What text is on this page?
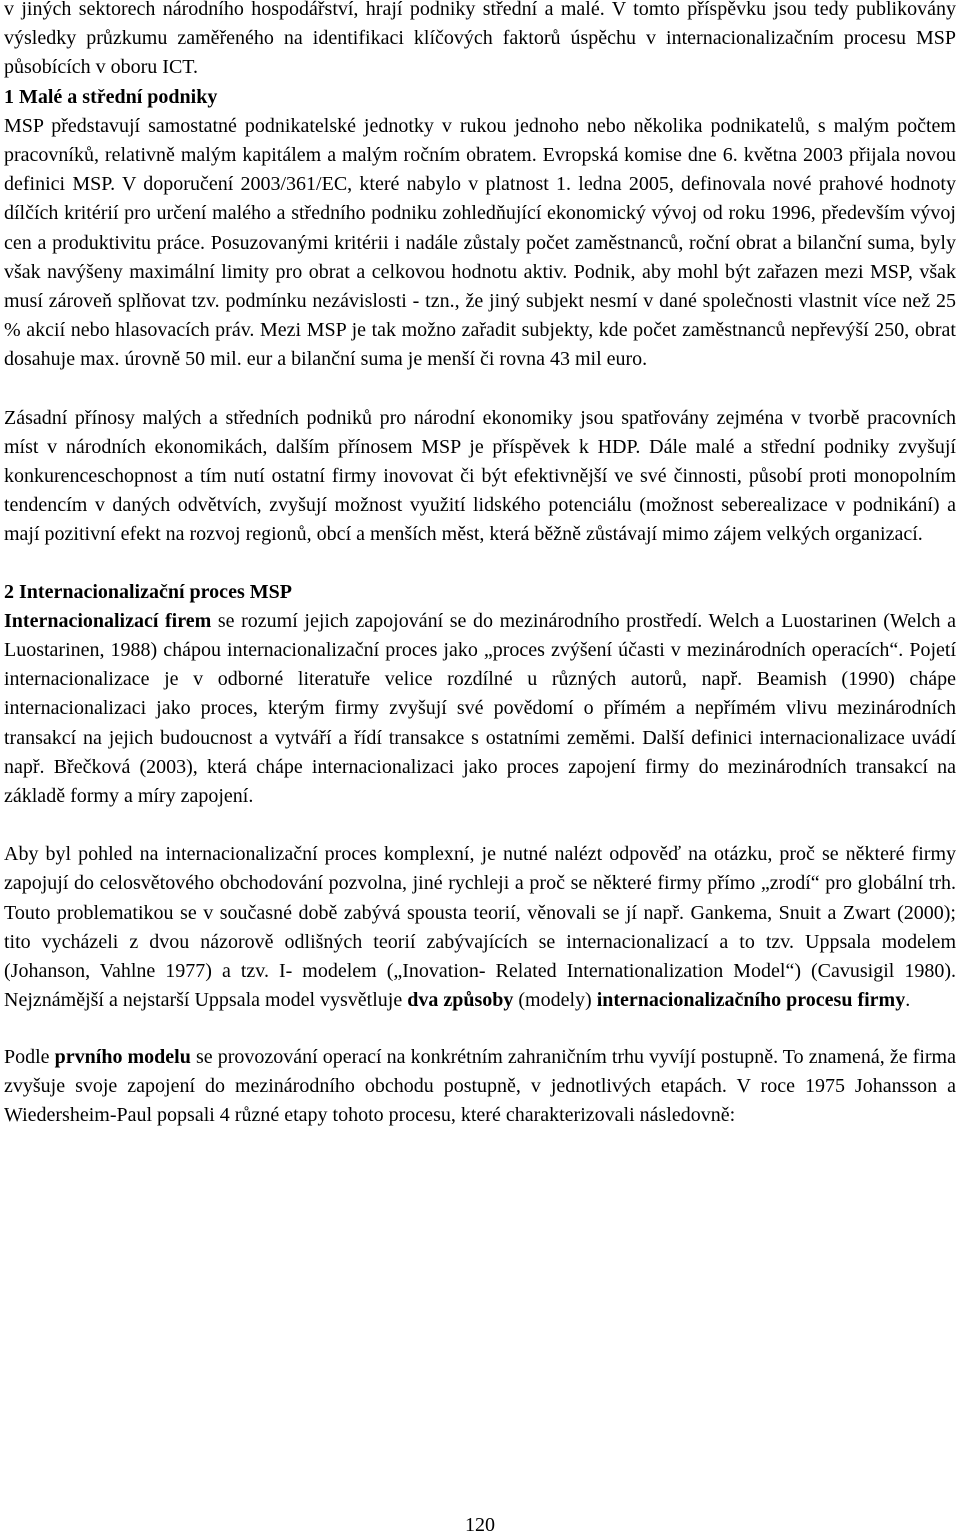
v jiných sektorech národního hospodářství, hrají podniky střední a malé. V tomto příspěvku jsou tedy publikovány výsledky průzkumu zaměřeného na identifikaci klíčových faktorů úspěchu v internacionalizačním procesu MSP působících v oboru ICT.

1 Malé a střední podniky

MSP představují samostatné podnikatelské jednotky v rukou jednoho nebo několika podnikatelů, s malým počtem pracovníků, relativně malým kapitálem a malým ročním obratem. Evropská komise dne 6. května 2003 přijala novou definici MSP. V doporučení 2003/361/EC, které nabylo v platnost 1. ledna 2005, definovala nové prahové hodnoty dílčích kritérií pro určení malého a středního podniku zohledňující ekonomický vývoj od roku 1996, především vývoj cen a produktivitu práce. Posuzovanými kritérii i nadále zůstaly počet zaměstnanců, roční obrat a bilanční suma, byly však navýšeny maximální limity pro obrat a celkovou hodnotu aktiv. Podnik, aby mohl být zařazen mezi MSP, však musí zároveň splňovat tzv. podmínku nezávislosti - tzn., že jiný subjekt nesmí v dané společnosti vlastnit více než 25 % akcií nebo hlasovacích práv. Mezi MSP je tak možno zařadit subjekty, kde počet zaměstnanců nepřevýší 250, obrat dosahuje max. úrovně 50 mil. eur a bilanční suma je menší či rovna 43 mil euro.

Zásadní přínosy malých a středních podniků pro národní ekonomiky jsou spatřovány zejména v tvorbě pracovních míst v národních ekonomikách, dalším přínosem MSP je příspěvek k HDP. Dále malé a střední podniky zvyšují konkurenceschopnost a tím nutí ostatní firmy inovovat či být efektivnější ve své činnosti, působí proti monopolním tendencím v daných odvětvích, zvyšují možnost využití lidského potenciálu (možnost seberealizace v podnikání) a mají pozitivní efekt na rozvoj regionů, obcí a menších měst, která běžně zůstávají mimo zájem velkých organizací.

2 Internacionalizační proces MSP

Internacionalizací firem se rozumí jejich zapojování se do mezinárodního prostředí. Welch a Luostarinen (Welch a Luostarinen, 1988) chápou internacionalizační proces jako „proces zvýšení účasti v mezinárodních operacích“. Pojetí internacionalizace je v odborné literatuře velice rozdílné u různých autorů, např. Beamish (1990) chápe internacionalizaci jako proces, kterým firmy zvyšují své povědomí o přímém a nepřímém vlivu mezinárodních transakcí na jejich budoucnost a vytváří a řídí transakce s ostatními zeměmi. Další definici internacionalizace uvádí např. Břečková (2003), která chápe internacionalizaci jako proces zapojení firmy do mezinárodních transakcí na základě formy a míry zapojení.

Aby byl pohled na internacionalizační proces komplexní, je nutné nalézt odpověď na otázku, proč se některé firmy zapojují do celosvětového obchodování pozvolna, jiné rychleji a proč se některé firmy přímo „zrodí“ pro globální trh. Touto problematikou se v současné době zabývá spousta teorií, věnovali se jí např. Gankema, Snuit a Zwart (2000); tito vycházeli z dvou názorově odlišných teorií zabývajících se internacionalizací a to tzv. Uppsala modelem (Johanson, Vahlne 1977) a tzv. I- modelem („Inovation- Related Internationalization Model“) (Cavusigil 1980). Nejznámější a nejstarší Uppsala model vysvětluje dva způsoby (modely) internacionalizačního procesu firmy.

Podle prvního modelu se provozování operací na konkrétním zahraničním trhu vyvíjí postupně. To znamená, že firma zvyšuje svoje zapojení do mezinárodního obchodu postupně, v jednotlivých etapách. V roce 1975 Johansson a Wiedersheim-Paul popsali 4 různé etapy tohoto procesu, které charakterizovali následovně:

120
